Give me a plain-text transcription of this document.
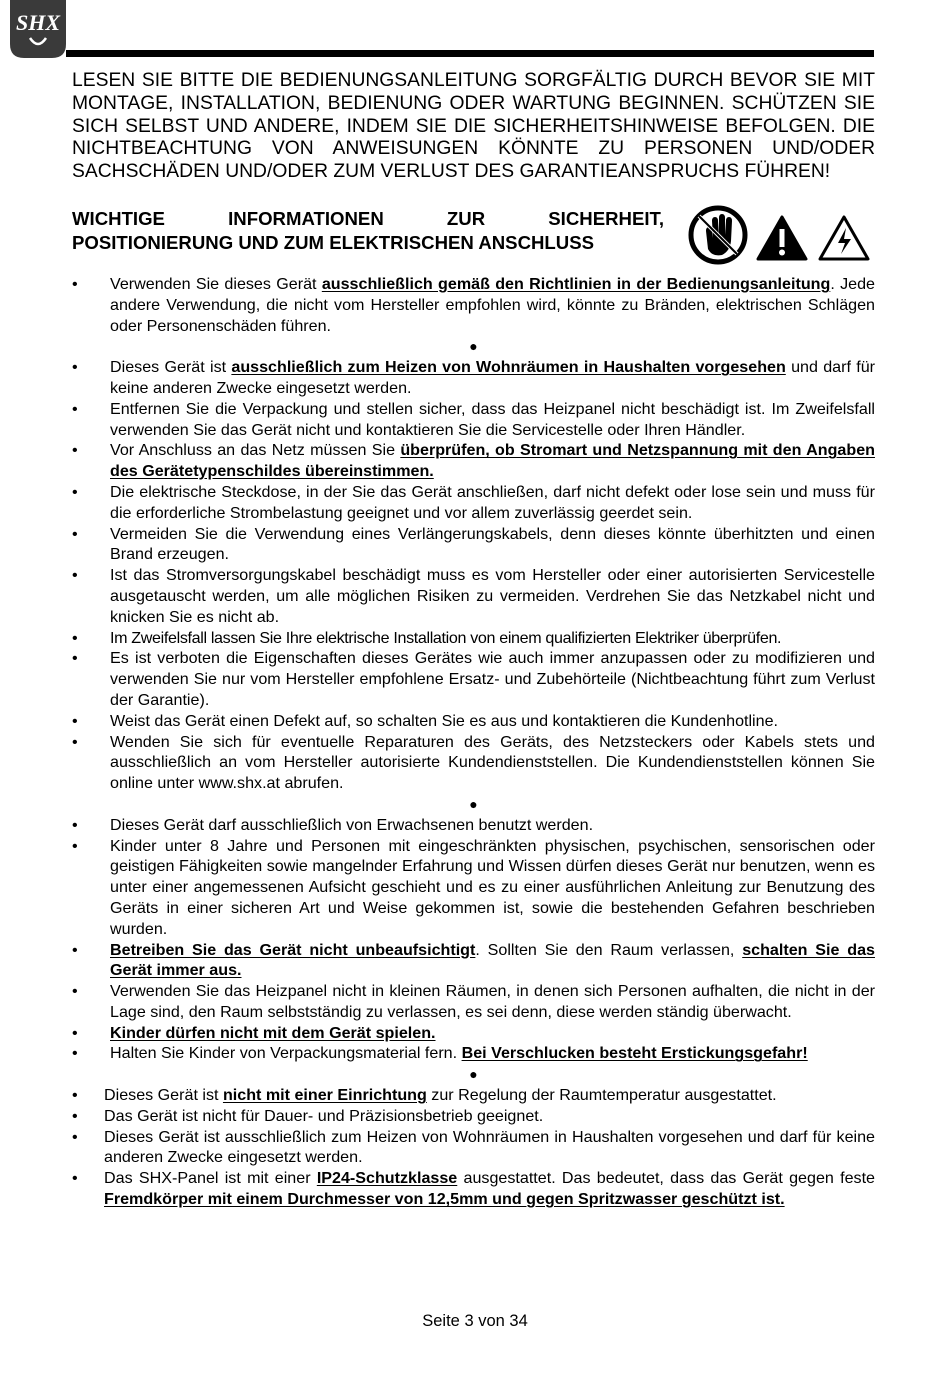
SHX
LESEN SIE BITTE DIE BEDIENUNGSANLEITUNG SORGFÄLTIG DURCH BEVOR SIE MIT MONTAGE, INSTALLATION, BEDIENUNG ODER WARTUNG BEGINNEN. SCHÜTZEN SIE SICH SELBST UND ANDERE, INDEM SIE DIE SICHERHEITSHINWEISE BEFOLGEN. DIE NICHTBEACHTUNG VON ANWEISUNGEN KÖNNTE ZU PERSONEN UND/ODER SACHSCHÄDEN UND/ODER ZUM VERLUST DES GARANTIEANSPRUCHS FÜHREN!
WICHTIGE INFORMATIONEN ZUR SICHERHEIT,
POSITIONIERUNG UND ZUM ELEKTRISCHEN ANSCHLUSS
• Verwenden Sie dieses Gerät ausschließlich gemäß den Richtlinien in der Bedienungsanleitung. Jede andere Verwendung, die nicht vom Hersteller empfohlen wird, könnte zu Bränden, elektrischen Schlägen oder Personenschäden führen.
●
• Dieses Gerät ist ausschließlich zum Heizen von Wohnräumen in Haushalten vorgesehen und darf für keine anderen Zwecke eingesetzt werden.
• Entfernen Sie die Verpackung und stellen sicher, dass das Heizpanel nicht beschädigt ist. Im Zweifelsfall verwenden Sie das Gerät nicht und kontaktieren Sie die Servicestelle oder Ihren Händler.
• Vor Anschluss an das Netz müssen Sie überprüfen, ob Stromart und Netzspannung mit den Angaben des Gerätetypenschildes übereinstimmen.
• Die elektrische Steckdose, in der Sie das Gerät anschließen, darf nicht defekt oder lose sein und muss für die erforderliche Strombelastung geeignet und vor allem zuverlässig geerdet sein.
• Vermeiden Sie die Verwendung eines Verlängerungskabels, denn dieses könnte überhitzten und einen Brand erzeugen.
• Ist das Stromversorgungskabel beschädigt muss es vom Hersteller oder einer autorisierten Servicestelle ausgetauscht werden, um alle möglichen Risiken zu vermeiden. Verdrehen Sie das Netzkabel nicht und knicken Sie es nicht ab.
• Im Zweifelsfall lassen Sie Ihre elektrische Installation von einem qualifizierten Elektriker überprüfen.
• Es ist verboten die Eigenschaften dieses Gerätes wie auch immer anzupassen oder zu modifizieren und verwenden Sie nur vom Hersteller empfohlene Ersatz- und Zubehörteile (Nichtbeachtung führt zum Verlust der Garantie).
• Weist das Gerät einen Defekt auf, so schalten Sie es aus und kontaktieren die Kundenhotline.
• Wenden Sie sich für eventuelle Reparaturen des Geräts, des Netzsteckers oder Kabels stets und ausschließlich an vom Hersteller autorisierte Kundendienststellen. Die Kundendienststellen können Sie online unter www.shx.at abrufen.
●
• Dieses Gerät darf ausschließlich von Erwachsenen benutzt werden.
• Kinder unter 8 Jahre und Personen mit eingeschränkten physischen, psychischen, sensorischen oder geistigen Fähigkeiten sowie mangelnder Erfahrung und Wissen dürfen dieses Gerät nur benutzen, wenn es unter einer angemessenen Aufsicht geschieht und es zu einer ausführlichen Anleitung zur Benutzung des Geräts in einer sicheren Art und Weise gekommen ist, sowie die bestehenden Gefahren beschrieben wurden.
• Betreiben Sie das Gerät nicht unbeaufsichtigt. Sollten Sie den Raum verlassen, schalten Sie das Gerät immer aus.
• Verwenden Sie das Heizpanel nicht in kleinen Räumen, in denen sich Personen aufhalten, die nicht in der Lage sind, den Raum selbstständig zu verlassen, es sei denn, diese werden ständig überwacht.
• Kinder dürfen nicht mit dem Gerät spielen.
• Halten Sie Kinder von Verpackungsmaterial fern. Bei Verschlucken besteht Erstickungsgefahr!
●
• Dieses Gerät ist nicht mit einer Einrichtung zur Regelung der Raumtemperatur ausgestattet.
• Das Gerät ist nicht für Dauer- und Präzisionsbetrieb geeignet.
• Dieses Gerät ist ausschließlich zum Heizen von Wohnräumen in Haushalten vorgesehen und darf für keine anderen Zwecke eingesetzt werden.
• Das SHX-Panel ist mit einer IP24-Schutzklasse ausgestattet. Das bedeutet, dass das Gerät gegen feste Fremdkörper mit einem Durchmesser von 12,5mm und gegen Spritzwasser geschützt ist.
Seite 3 von 34
